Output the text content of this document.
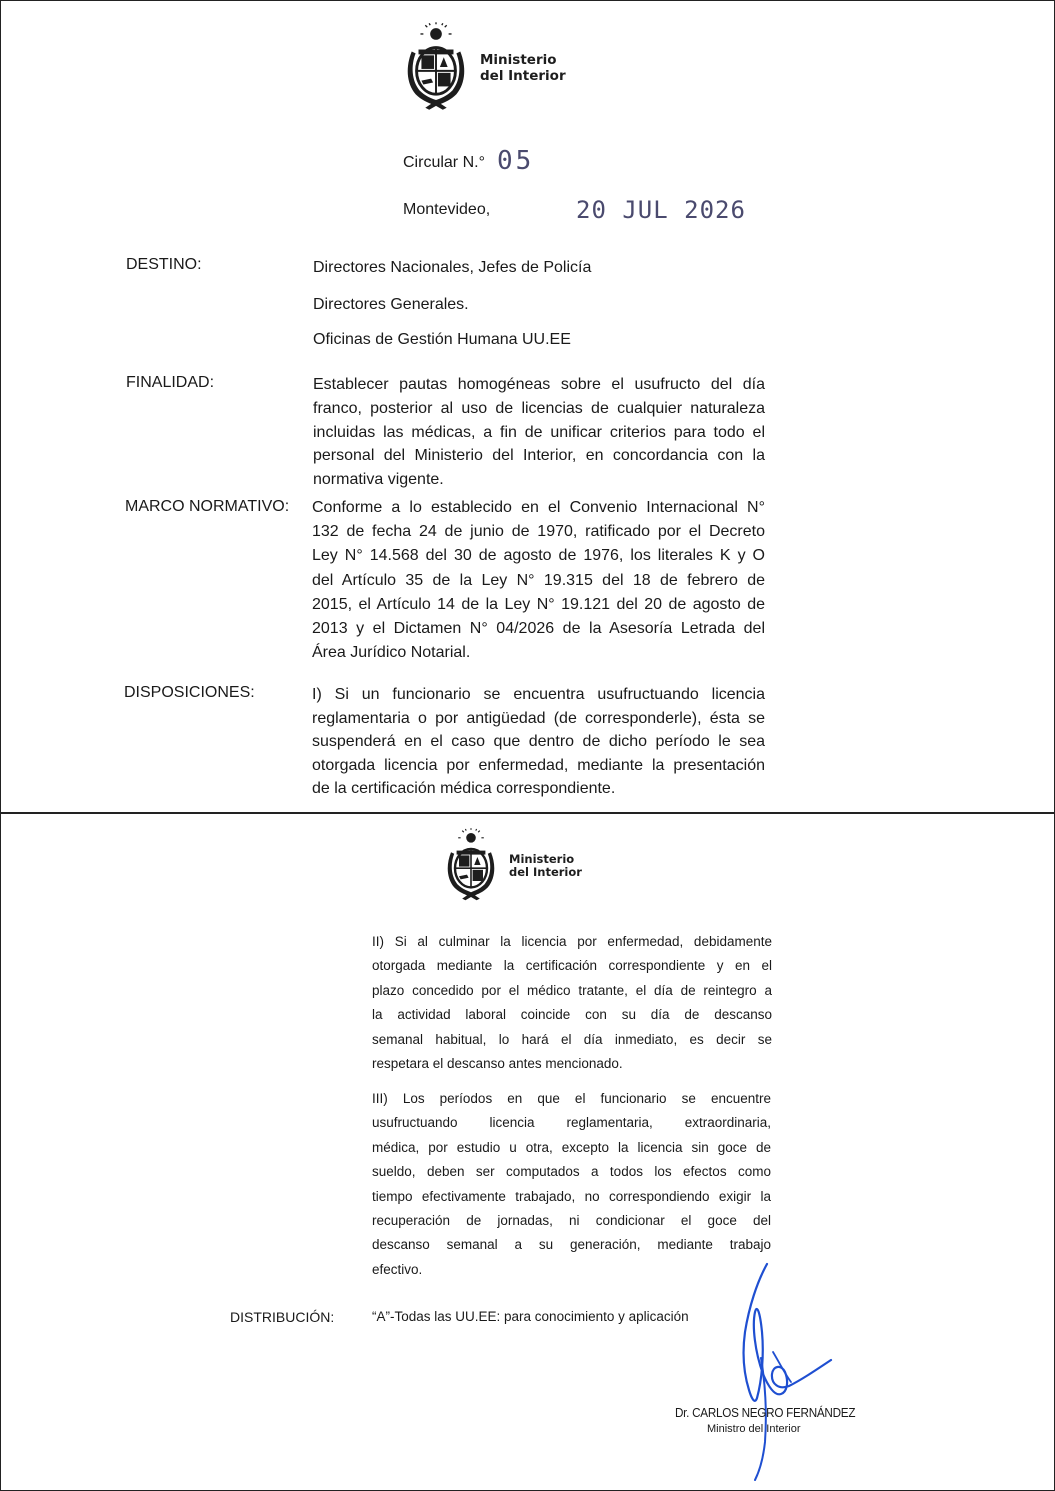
Ministerio
del Interior
Circular N.° 05
Montevideo,	20 JUL 2026
DESTINO:	Directores Nacionales, Jefes de Policía
Directores Generales.
Oficinas de Gestión Humana UU.EE
FINALIDAD:	Establecer pautas homogéneas sobre el usufructo del día
franco, posterior al uso de licencias de cualquier naturaleza
incluidas las médicas, a fin de unificar criterios para todo el
personal del Ministerio del Interior, en concordancia con la
normativa vigente.
MARCO NORMATIVO: Conforme a lo establecido en el Convenio Internacional N°
132 de fecha 24 de junio de 1970, ratificado por el Decreto
Ley N° 14.568 del 30 de agosto de 1976, los literales K y O
del Artículo 35 de la Ley N° 19.315 del 18 de febrero de
2015, el Artículo 14 de la Ley N° 19.121 del 20 de agosto de
2013 y el Dictamen N° 04/2026 de la Asesoría Letrada del
Área Jurídico Notarial.
DISPOSICIONES:	I) Si un funcionario se encuentra usufructuando licencia
reglamentaria o por antigüedad (de corresponderle), ésta se
suspenderá en el caso que dentro de dicho período le sea
otorgada licencia por enfermedad, mediante la presentación
de la certificación médica correspondiente.
Ministerio
del Interior
II) Si al culminar la licencia por enfermedad, debidamente
otorgada mediante la certificación correspondiente y en el
plazo concedido por el médico tratante, el día de reintegro a
la actividad laboral coincide con su día de descanso
semanal habitual, lo hará el día inmediato, es decir se
respetara el descanso antes mencionado.
III) Los períodos en que el funcionario se encuentre
usufructuando licencia reglamentaria, extraordinaria,
médica, por estudio u otra, excepto la licencia sin goce de
sueldo, deben ser computados a todos los efectos como
tiempo efectivamente trabajado, no correspondiendo exigir la
recuperación de jornadas, ni condicionar el goce del
descanso semanal a su generación, mediante trabajo
efectivo.
DISTRIBUCIÓN:	“A”-Todas las UU.EE: para conocimiento y aplicación
Dr. CARLOS NEGRO FERNÁNDEZ
Ministro del Interior
